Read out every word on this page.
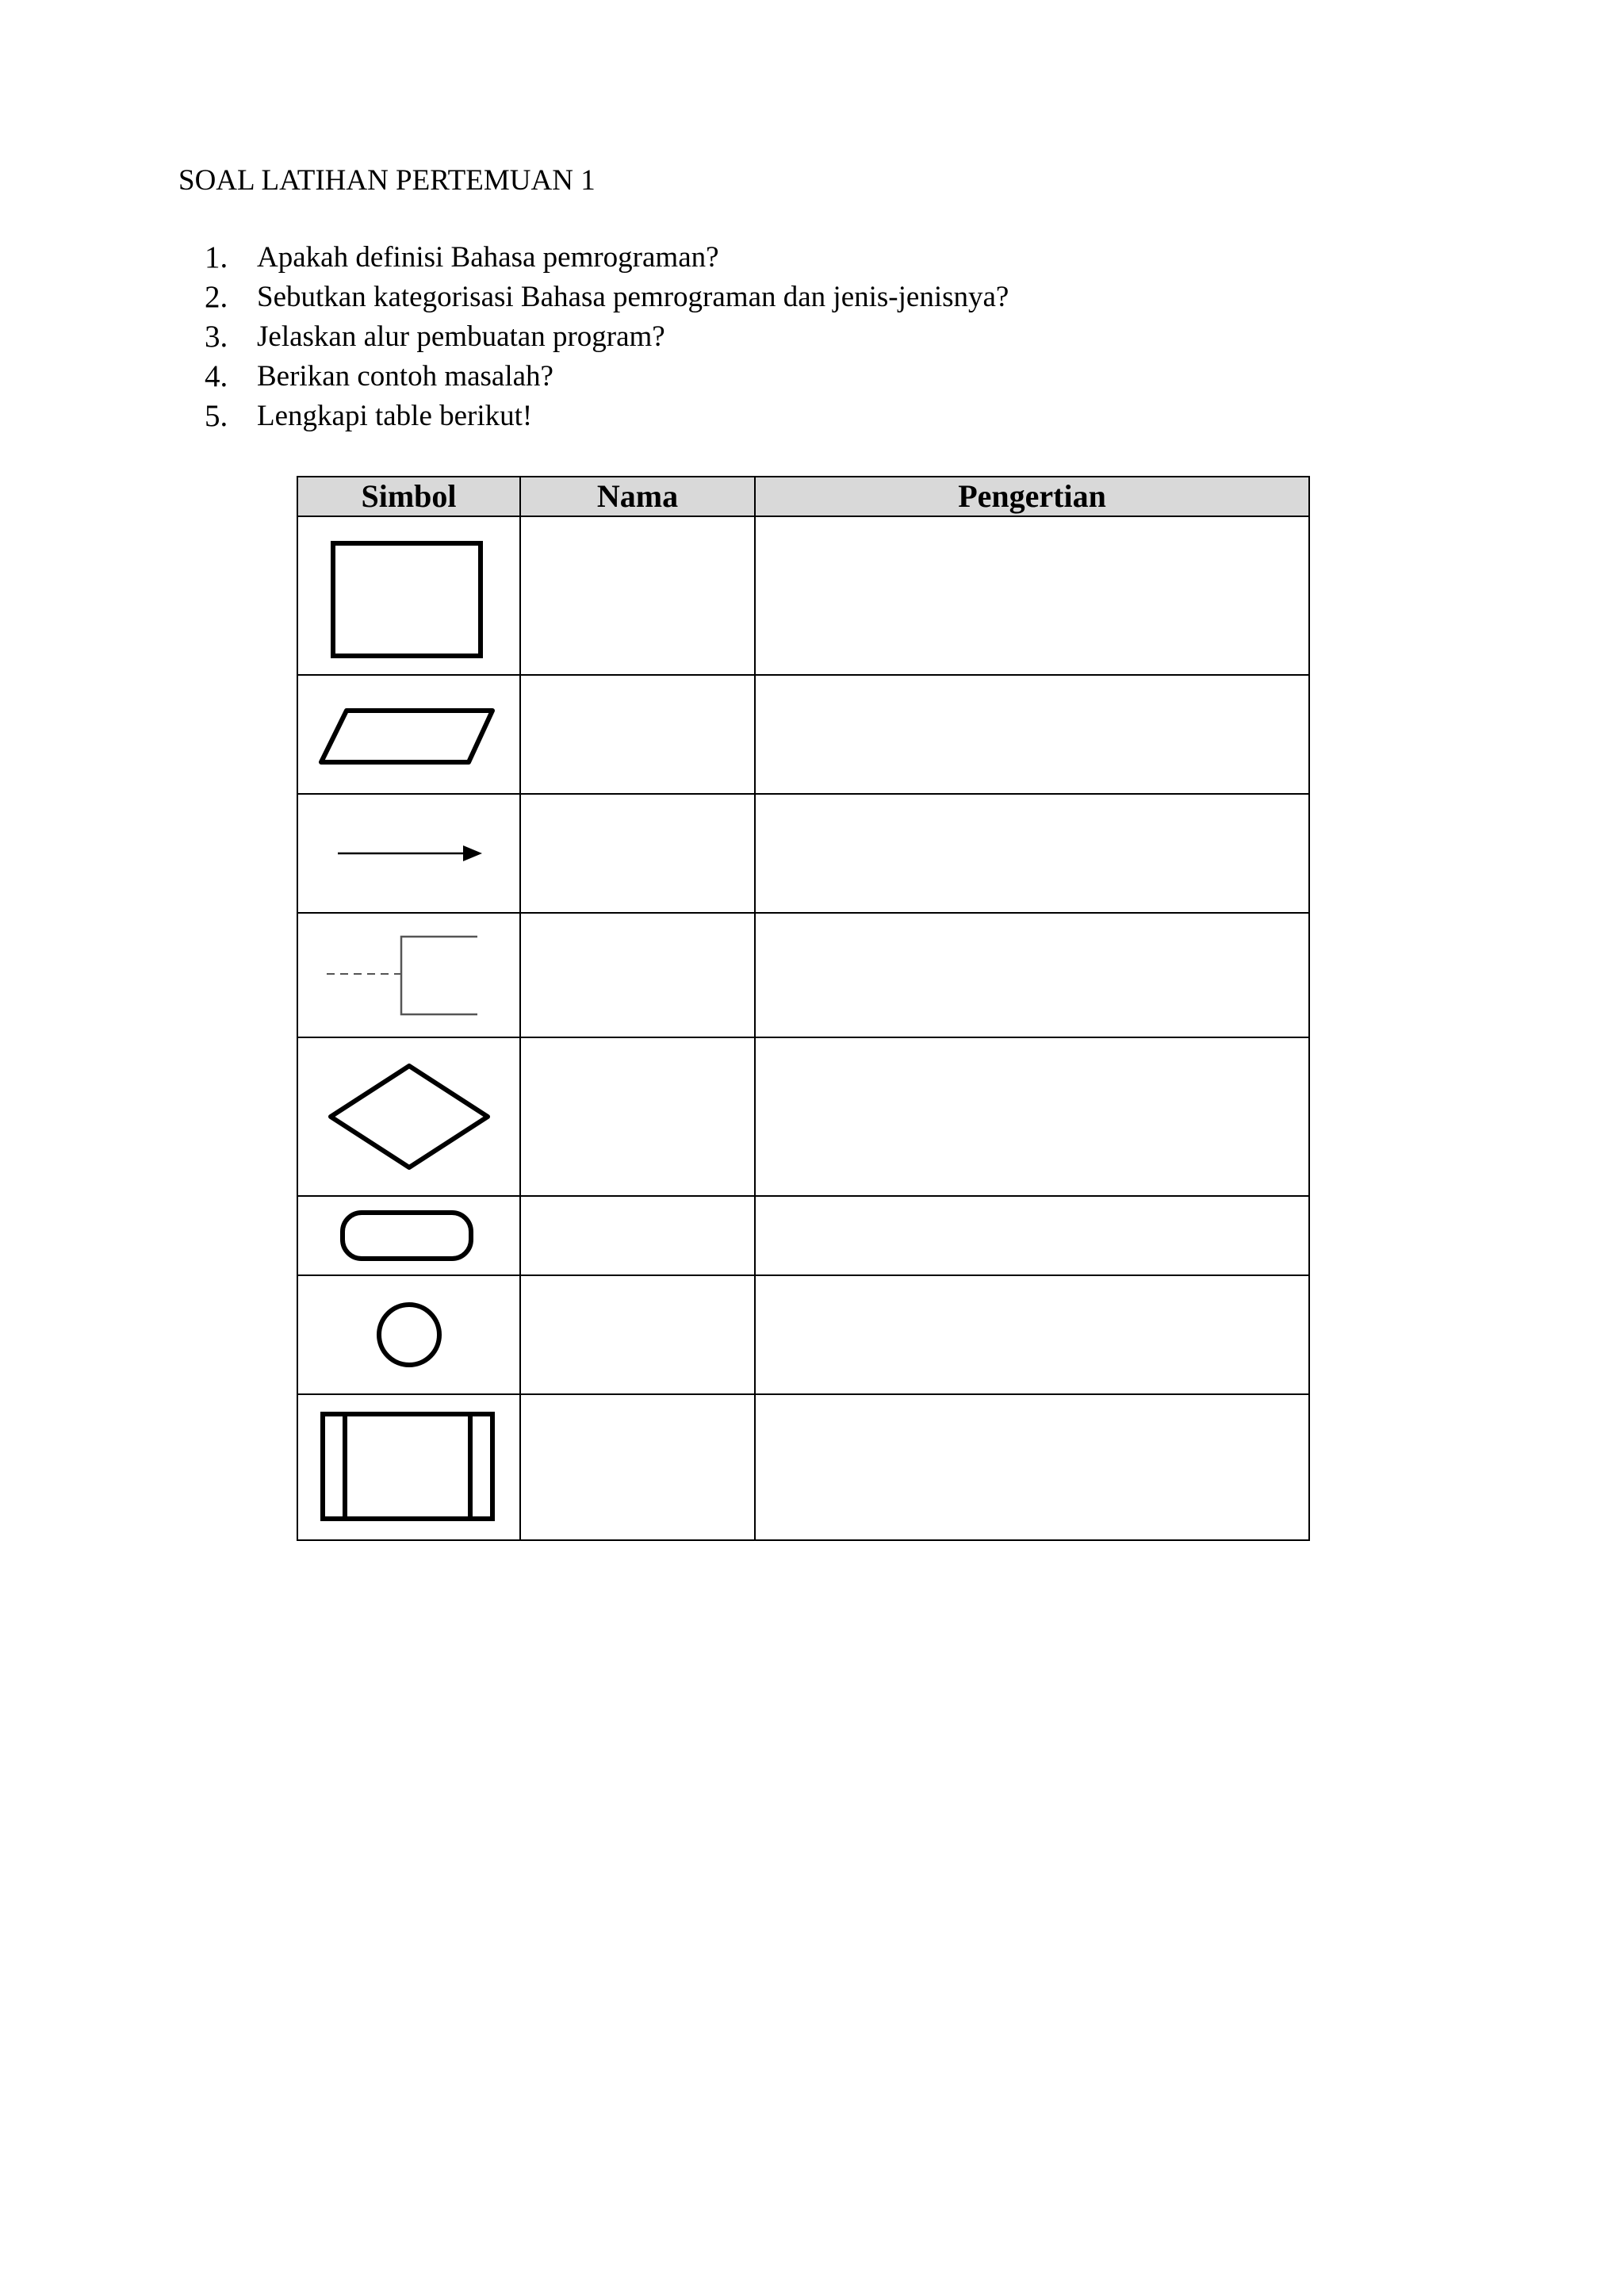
SOAL LATIHAN PERTEMUAN 1
1. Apakah definisi Bahasa pemrograman?
2. Sebutkan kategorisasi Bahasa pemrograman dan jenis-jenisnya?
3. Jelaskan alur pembuatan program?
4. Berikan contoh masalah?
5. Lengkapi table berikut!
Simbol	Nama	Pengertian
